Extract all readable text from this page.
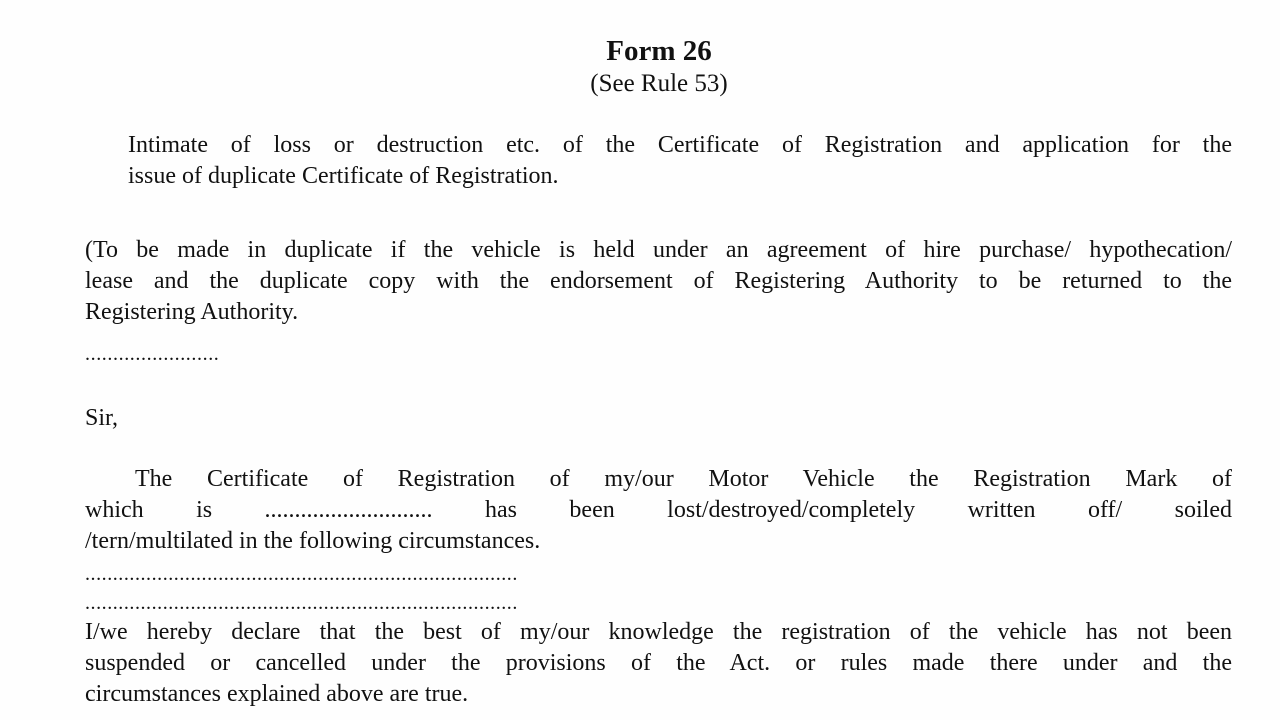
Form 26
(See Rule 53)
Intimate of loss or destruction etc. of the Certificate of Registration and application for the
issue of duplicate Certificate of Registration.
(To be made in duplicate if the vehicle is held under an agreement of hire purchase/ hypothecation/
lease and the duplicate copy with the endorsement of Registering Authority to be returned to the
Registering Authority.
........................
Sir,
The Certificate of Registration of my/our Motor Vehicle the Registration Mark of
which is ............................ has been lost/destroyed/completely written off/ soiled
/tern/multilated in the following circumstances.
..............................................................................
..............................................................................
I/we hereby declare that the best of my/our knowledge the registration of the vehicle has not been
suspended or cancelled under the provisions of the Act. or rules made there under and the
circumstances explained above are true.
